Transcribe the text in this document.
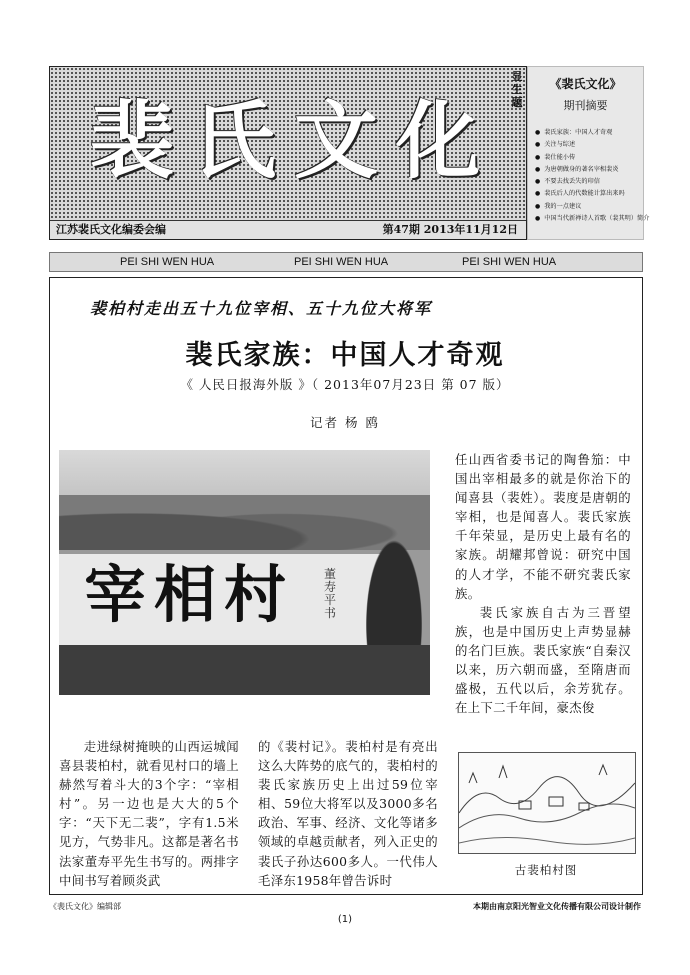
裴氏文化
江苏裴氏文化编委会编	第47期 2013年11月12日
显生题
《裴氏文化》
期刊摘要
● 裴氏家族：中国人才奇观
● 关注与综述
● 裴仕能小传
● 为唐朝做身的著名宰相裴炎
● 不要去找丢失的印信
● 裴氏后人的代数能计算出来吗
● 我的一点建议
● 中国当代新禅诗人首歌（裴其明）简介
PEI SHI WEN HUA	PEI SHI WEN HUA	PEI SHI WEN HUA
裴柏村走出五十九位宰相、五十九位大将军
裴氏家族：中国人才奇观
《 人民日报海外版 》（ 2013年07月23日 第 07 版）
记者 杨 鸥
宰相村 董寿平书

任山西省委书记的陶鲁笳：中国出宰相最多的就是你治下的闻喜县（裴姓）。裴度是唐朝的宰相，也是闻喜人。裴氏家族千年荣显，是历史上最有名的家族。胡耀邦曾说：研究中国的人才学，不能不研究裴氏家族。

裴氏家族自古为三晋望族，也是中国历史上声势显赫的名门巨族。裴氏家族“自秦汉以来，历六朝而盛，至隋唐而盛极，五代以后，余芳犹存。在上下二千年间，豪杰俊

走进绿树掩映的山西运城闻喜县裴柏村，就看见村口的墙上赫然写着斗大的3个字：“宰相村”。另一边也是大大的5个字：“天下无二裴”，字有1.5米见方，气势非凡。这都是著名书法家董寿平先生书写的。两排字中间书写着顾炎武

的《裴村记》。裴柏村是有亮出这么大阵势的底气的，裴柏村的裴氏家族历史上出过59位宰相、59位大将军以及3000多名政治、军事、经济、文化等诸多领域的卓越贡献者，列入正史的裴氏子孙达600多人。一代伟人毛泽东1958年曾告诉时

古裴柏村图
《裴氏文化》编辑部	本期由南京阳光智业文化传播有限公司设计制作
(1)
